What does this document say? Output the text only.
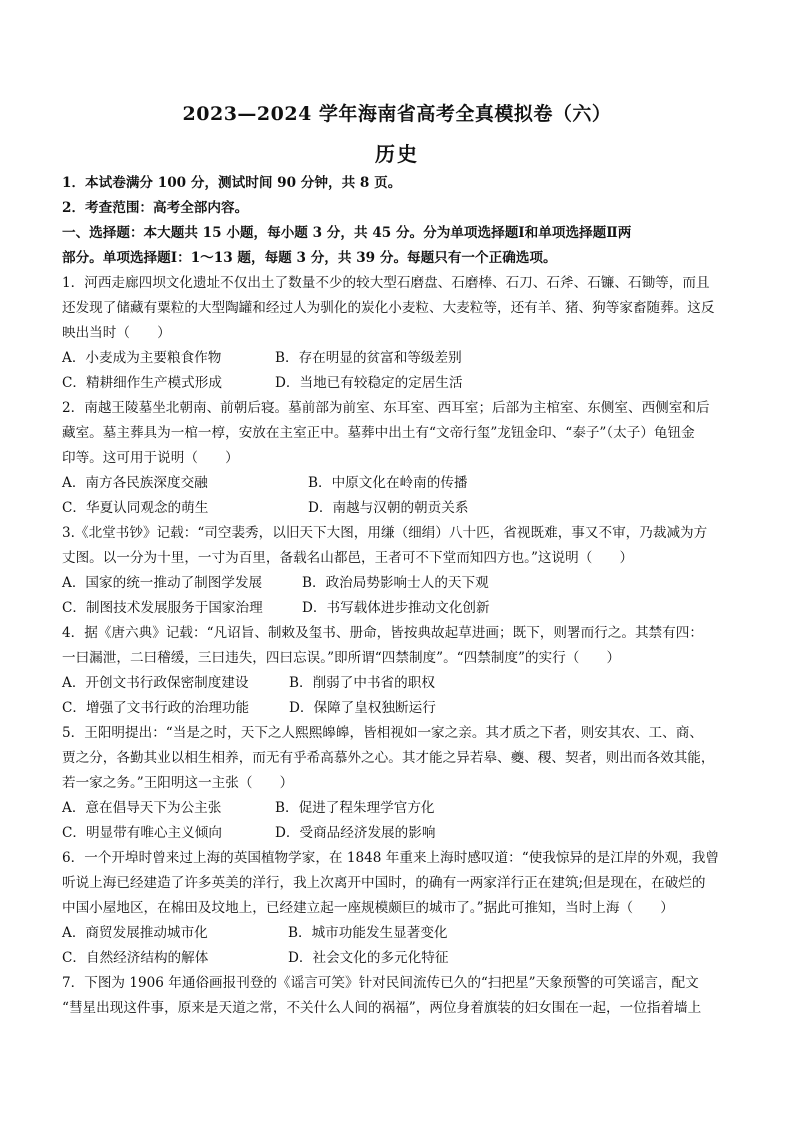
2023—2024 学年海南省高考全真模拟卷（六）
历史
1．本试卷满分 100 分，测试时间 90 分钟，共 8 页。
2．考查范围：高考全部内容。
一、选择题：本大题共 15 小题，每小题 3 分，共 45 分。分为单项选择题Ⅰ和单项选择题Ⅱ两
部分。单项选择题Ⅰ：1～13 题，每题 3 分，共 39 分。每题只有一个正确选项。
1．河西走廊四坝文化遗址不仅出土了数量不少的较大型石磨盘、石磨棒、石刀、石斧、石镰、石锄等，而且
还发现了储藏有粟粒的大型陶罐和经过人为驯化的炭化小麦粒、大麦粒等，还有羊、猪、狗等家畜随葬。这反
映出当时（　　）
A．小麦成为主要粮食作物	B．存在明显的贫富和等级差别
C．精耕细作生产模式形成	D．当地已有较稳定的定居生活
2．南越王陵墓坐北朝南、前朝后寝。墓前部为前室、东耳室、西耳室；后部为主棺室、东侧室、西侧室和后
藏室。墓主葬具为一棺一椁，安放在主室正中。墓葬中出土有“文帝行玺”龙钮金印、“泰子”（太子）龟钮金
印等。这可用于说明（　　）
A．南方各民族深度交融	B．中原文化在岭南的传播
C．华夏认同观念的萌生	D．南越与汉朝的朝贡关系
3.《北堂书钞》记载：“司空裴秀，以旧天下大图，用缣（细绢）八十匹，省视既难，事又不审，乃裁减为方
丈图。以一分为十里，一寸为百里，备载名山都邑，王者可不下堂而知四方也。”这说明（　　）
A．国家的统一推动了制图学发展	B．政治局势影响士人的天下观
C．制图技术发展服务于国家治理	D．书写载体进步推动文化创新
4．据《唐六典》记载：“凡诏旨、制敕及玺书、册命，皆按典故起草进画；既下，则署而行之。其禁有四：
一曰漏泄，二曰稽缓，三曰违失，四曰忘误。”即所谓“四禁制度”。“四禁制度”的实行（　　）
A．开创文书行政保密制度建设	B．削弱了中书省的职权
C．增强了文书行政的治理功能	D．保障了皇权独断运行
5．王阳明提出：“当是之时，天下之人熙熙皞皞，皆相视如一家之亲。其才质之下者，则安其农、工、商、
贾之分，各勤其业以相生相养，而无有乎希高慕外之心。其才能之异若皋、夔、稷、契者，则出而各效其能，
若一家之务。”王阳明这一主张（　　）
A．意在倡导天下为公主张	B．促进了程朱理学官方化
C．明显带有唯心主义倾向	D．受商品经济发展的影响
6．一个开埠时曾来过上海的英国植物学家，在 1848 年重来上海时感叹道：“使我惊异的是江岸的外观，我曾
听说上海已经建造了许多英美的洋行，我上次离开中国时，的确有一两家洋行正在建筑;但是现在，在破烂的
中国小屋地区，在棉田及坟地上，已经建立起一座规模颇巨的城市了。”据此可推知，当时上海（　　）
A．商贸发展推动城市化	B．城市功能发生显著变化
C．自然经济结构的解体	D．社会文化的多元化特征
7．下图为 1906 年通俗画报刊登的《谣言可笑》针对民间流传已久的“扫把星”天象预警的可笑谣言，配文
“彗星出现这件事，原来是天道之常，不关什么人间的祸福”，两位身着旗装的妇女围在一起，一位指着墙上
